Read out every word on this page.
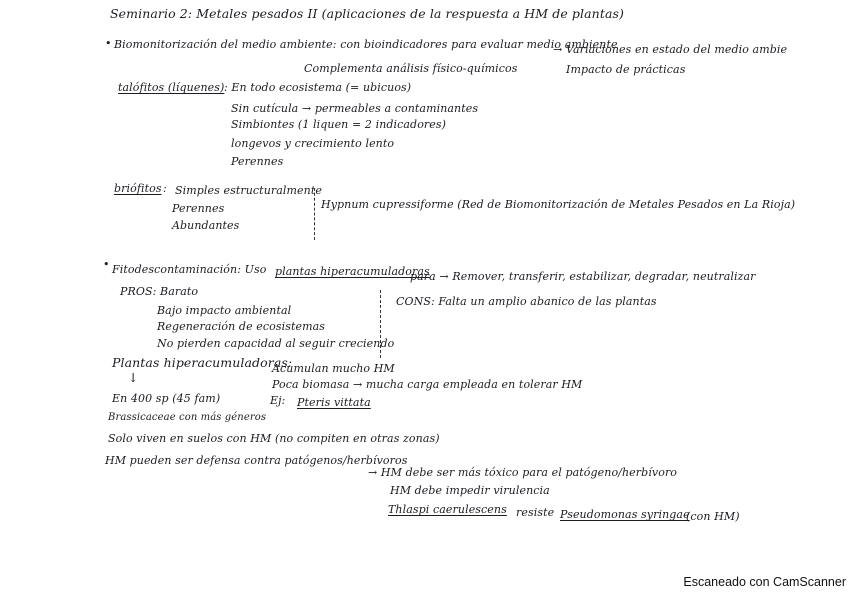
Seminario 2: Metales pesados II (aplicaciones de la respuesta a HM de plantas)
• Biomonitorización del medio ambiente: con bioindicadores para evaluar medio ambiente
→ Variaciones en estado del medio ambie
Complementa análisis físico-químicos	Impacto de prácticas
talófitos (líquenes) : En todo ecosistema (= ubicuos)
Sin cutícula → permeables a contaminantes
Simbiontes (1 liquen = 2 indicadores)
longevos y crecimiento lento
Perennes
briófitos : Simples estructuralmente
Perennes
Abundantes
Hypnum cupressiforme (Red de Biomonitorización de Metales Pesados en La Rioja)
• Fitodescontaminación: Uso plantas hiperacumuladoras
para → Remover, transferir, estabilizar, degradar, neutralizar
PROS: Barato
Bajo impacto ambiental
Regeneración de ecosistemas
No pierden capacidad al seguir creciendo
CONS: Falta un amplio abanico de las plantas
Plantas hiperacumuladoras:
Acumulan mucho HM
Poca biomasa → mucha carga empleada en tolerar HM
Ej: Pteris vittata
↓
En 400 sp (45 fam)
Brassicaceae con más géneros
Solo viven en suelos con HM (no compiten en otras zonas)
HM pueden ser defensa contra patógenos/herbívoros
→ HM debe ser más tóxico para el patógeno/herbívoro
HM debe impedir virulencia
Thlaspi caerulescens resiste Pseudomonas syringae
(con HM)
Escaneado con CamScanner
